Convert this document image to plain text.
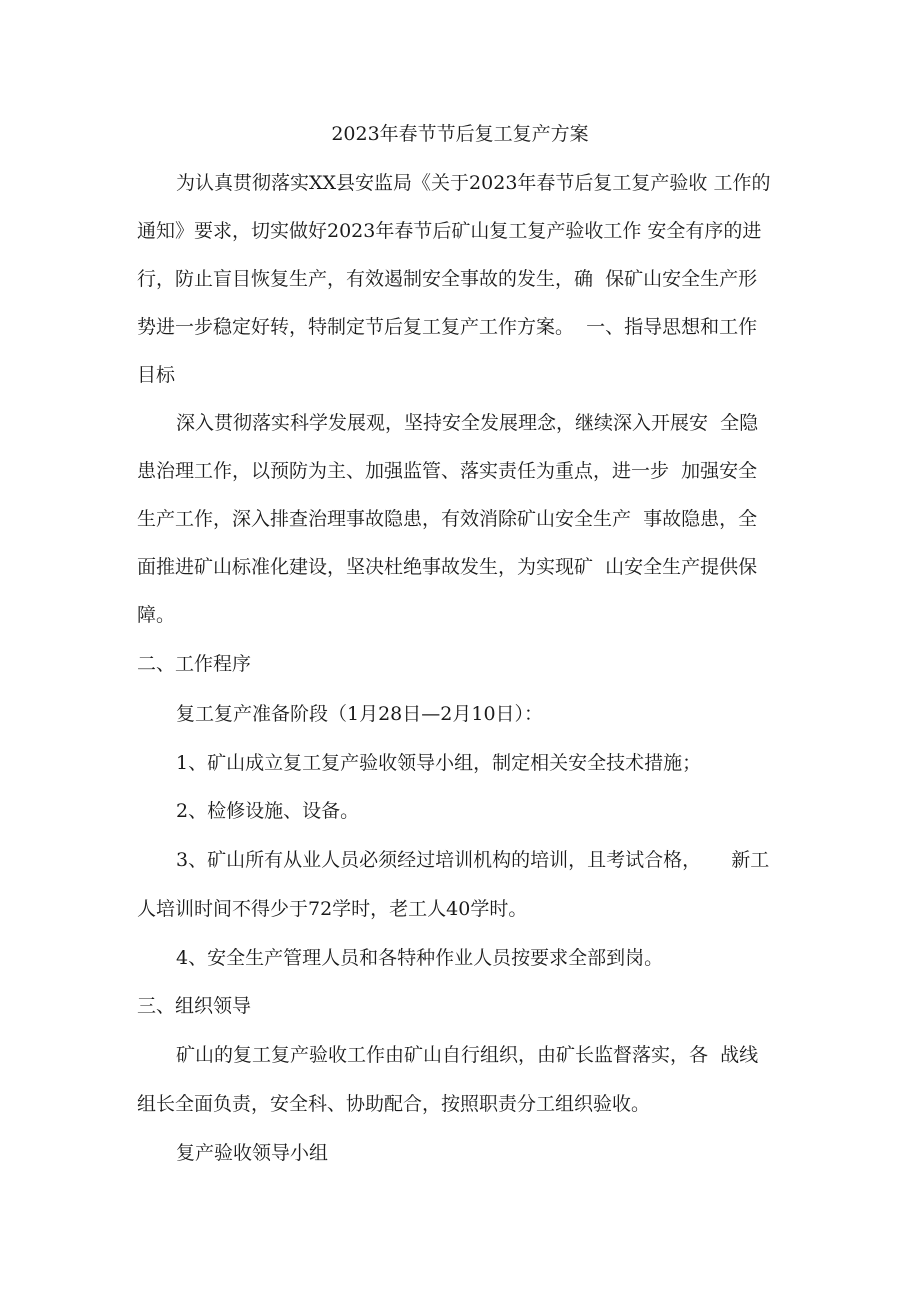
2023年春节节后复工复产方案

为认真贯彻落实XX县安监局《关于2023年春节后复工复产验收 工作的

通知》要求，切实做好2023年春节后矿山复工复产验收工作 安全有序的进

行，防止盲目恢复生产，有效遏制安全事故的发生，确  保矿山安全生产形

势进一步稳定好转，特制定节后复工复产工作方案。  一、指导思想和工作

目标

深入贯彻落实科学发展观，坚持安全发展理念，继续深入开展安  全隐

患治理工作，以预防为主、加强监管、落实责任为重点，进一步  加强安全

生产工作，深入排查治理事故隐患，有效消除矿山安全生产  事故隐患，全

面推进矿山标准化建设，坚决杜绝事故发生，为实现矿  山安全生产提供保

障。

二、工作程序

复工复产准备阶段（1月28日—2月10日）：

1、矿山成立复工复产验收领导小组，制定相关安全技术措施；

2、检修设施、设备。

3、矿山所有从业人员必须经过培训机构的培训，且考试合格，     新工

人培训时间不得少于72学时，老工人40学时。

4、安全生产管理人员和各特种作业人员按要求全部到岗。

三、组织领导

矿山的复工复产验收工作由矿山自行组织，由矿长监督落实，各  战线

组长全面负责，安全科、协助配合，按照职责分工组织验收。

复产验收领导小组
